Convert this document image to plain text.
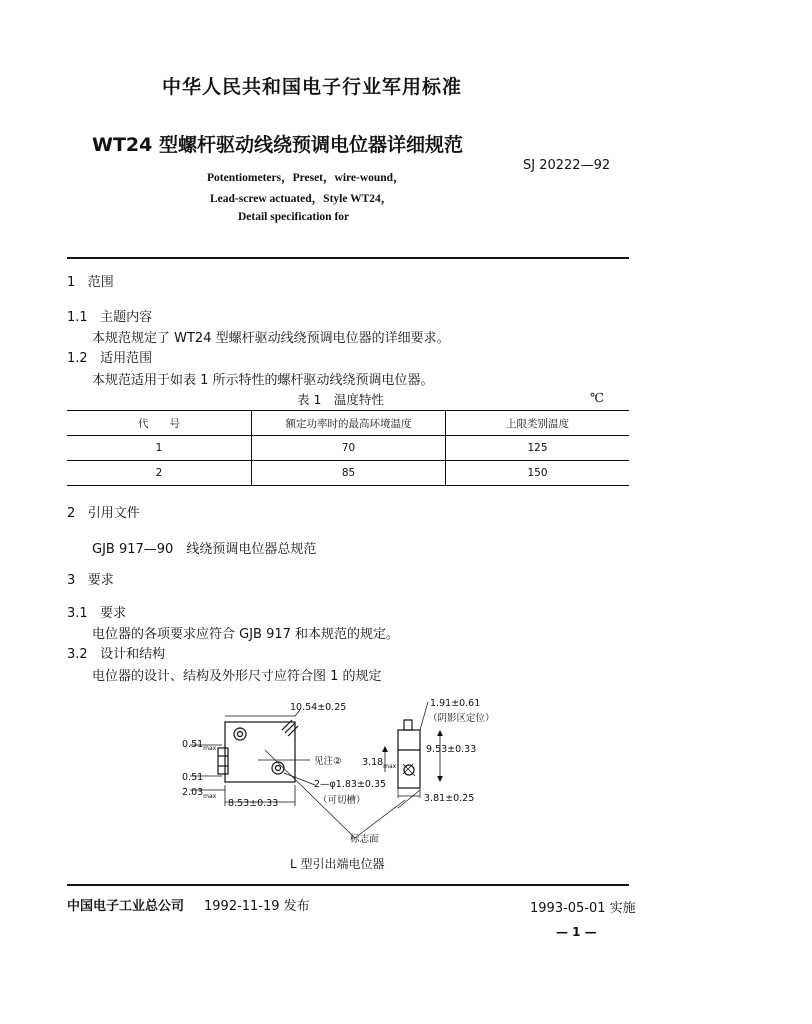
中华人民共和国电子行业军用标准
WT24 型螺杆驱动线绕预调电位器详细规范
SJ 20222—92
Potentiometers，Preset，wire-wound，
Lead-screw actuated，Style WT24，
Detail specification for
1 范围
1.1 主题内容
本规范规定了 WT24 型螺杆驱动线绕预调电位器的详细要求。
1.2 适用范围
本规范适用于如表 1 所示特性的螺杆驱动线绕预调电位器。
表 1　温度特性	℃
代　　号	额定功率时的最高环境温度	上限类别温度
1	70	125
2	85	150
2 引用文件
GJB 917—90　线绕预调电位器总规范
3 要求
3.1 要求
电位器的各项要求应符合 GJB 917 和本规范的规定。
3.2 设计和结构
电位器的设计、结构及外形尺寸应符合图 1 的规定
10.54±0.25
$0.51_{max}$
0.51
$2.03_{max}$
8.53±0.33
见注②
2—φ1.83±0.35
（可切槽）
标志面
1.91±0.61
（阴影区定位）
9.53±0.33
$3.18_{max}$
3.81±0.25
L 型引出端电位器
中国电子工业总公司 1992-11-19 发布	1993-05-01 实施
— 1 —
